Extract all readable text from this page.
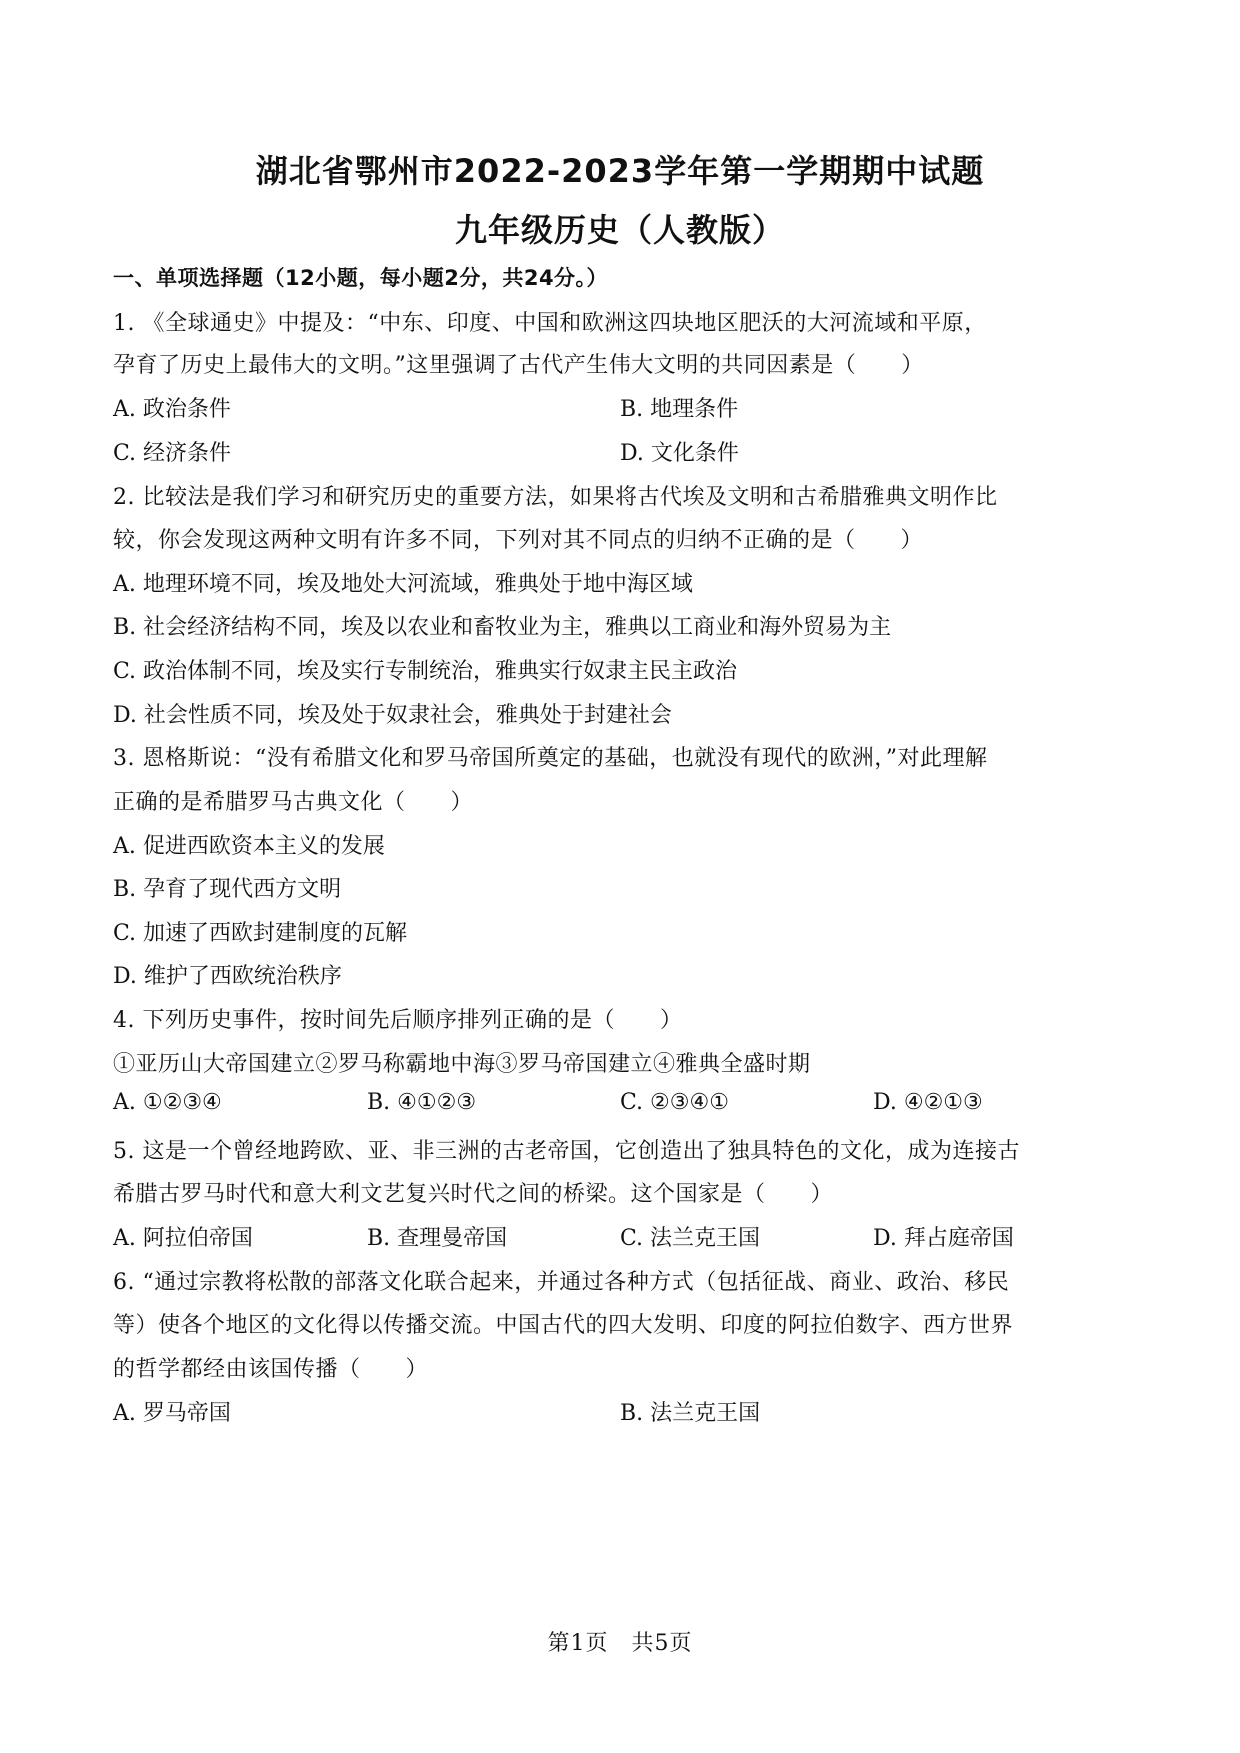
湖北省鄂州市2022-2023学年第一学期期中试题
九年级历史（人教版）
一、单项选择题（12小题，每小题2分，共24分。）
1. 《全球通史》中提及：“中东、印度、中国和欧洲这四块地区肥沃的大河流域和平原，
孕育了历史上最伟大的文明。”这里强调了古代产生伟大文明的共同因素是（　　）
A. 政治条件	B. 地理条件
C. 经济条件	D. 文化条件
2. 比较法是我们学习和研究历史的重要方法，如果将古代埃及文明和古希腊雅典文明作比
较，你会发现这两种文明有许多不同，下列对其不同点的归纳不正确的是（　　）
A. 地理环境不同，埃及地处大河流域，雅典处于地中海区域
B. 社会经济结构不同，埃及以农业和畜牧业为主，雅典以工商业和海外贸易为主
C. 政治体制不同，埃及实行专制统治，雅典实行奴隶主民主政治
D. 社会性质不同，埃及处于奴隶社会，雅典处于封建社会
3. 恩格斯说：“没有希腊文化和罗马帝国所奠定的基础，也就没有现代的欧洲，”对此理解
正确的是希腊罗马古典文化（　　）
A. 促进西欧资本主义的发展
B. 孕育了现代西方文明
C. 加速了西欧封建制度的瓦解
D. 维护了西欧统治秩序
4. 下列历史事件，按时间先后顺序排列正确的是（　　）
①亚历山大帝国建立②罗马称霸地中海③罗马帝国建立④雅典全盛时期
A. ①②③④	B. ④①②③	C. ②③④①	D. ④②①③
5. 这是一个曾经地跨欧、亚、非三洲的古老帝国，它创造出了独具特色的文化，成为连接古
希腊古罗马时代和意大利文艺复兴时代之间的桥梁。这个国家是（　　）
A. 阿拉伯帝国	B. 查理曼帝国	C. 法兰克王国	D. 拜占庭帝国
6. “通过宗教将松散的部落文化联合起来，并通过各种方式（包括征战、商业、政治、移民
等）使各个地区的文化得以传播交流。中国古代的四大发明、印度的阿拉伯数字、西方世界
的哲学都经由该国传播（　　）
A. 罗马帝国	B. 法兰克王国
第1页　共5页
